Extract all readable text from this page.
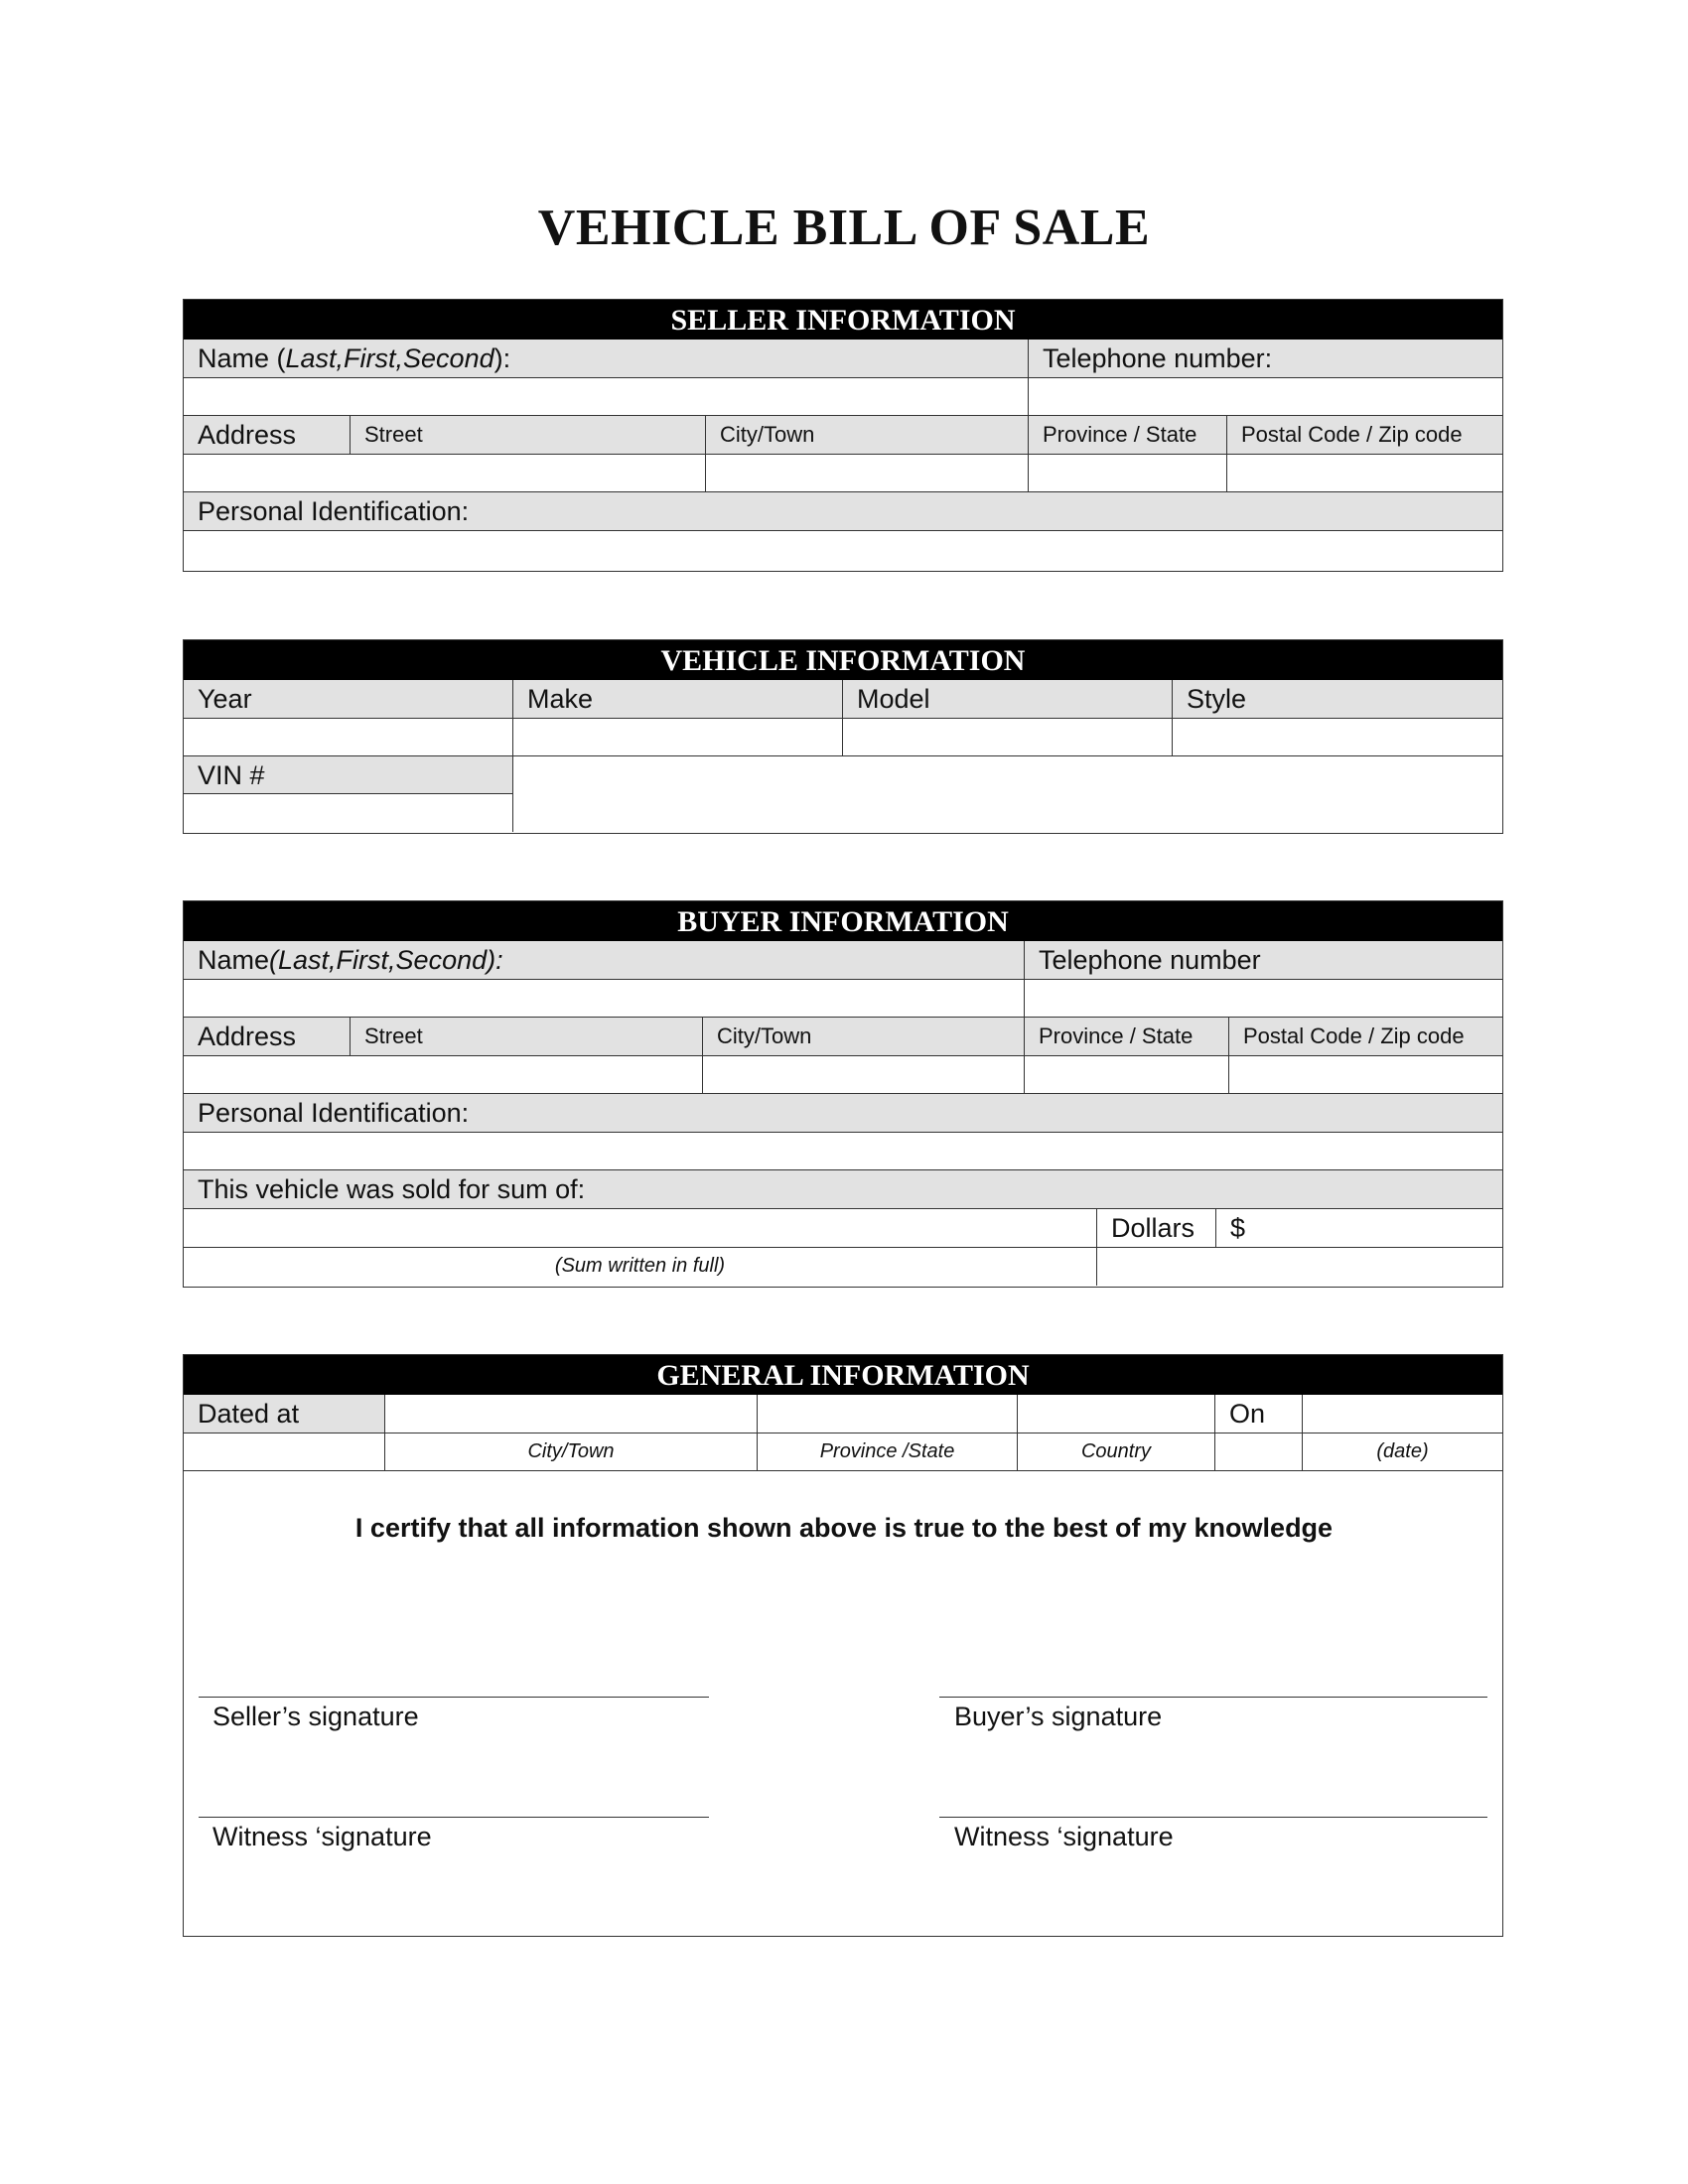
VEHICLE BILL OF SALE
SELLER INFORMATION
Name (Last,First,Second):	Telephone number:
Address	Street	City/Town	Province / State	Postal Code / Zip code
Personal Identification:
VEHICLE INFORMATION
Year	Make	Model	Style
VIN #
BUYER INFORMATION
Name(Last,First,Second):	Telephone number
Address	Street	City/Town	Province / State	Postal Code / Zip code
Personal Identification:
This vehicle was sold for sum of:
Dollars	$
(Sum written in full)
GENERAL INFORMATION
Dated at	On
City/Town	Province /State	Country	(date)
I certify that all information shown above is true to the best of my knowledge
Seller’s signature	Buyer’s signature
Witness ‘signature	Witness ‘signature
